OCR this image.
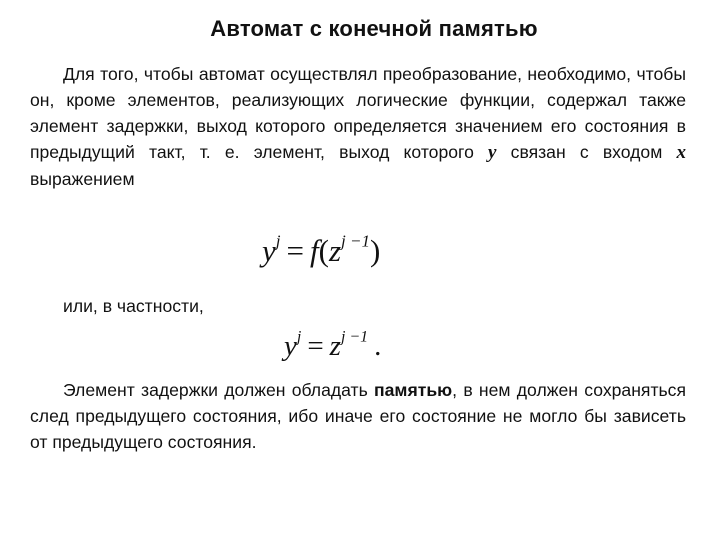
Автомат с конечной памятью

Для того, чтобы автомат осуществлял преобразование, необходимо, чтобы он, кроме элементов, реализующих логические функции, содержал также элемент задержки, выход которого определяется значением его состояния в предыдущий такт, т. е. элемент, выход которого y связан с входом x выражением

$y^j = f(z^{j -1})$

или, в частности,

$y^j = z^{j -1}$ .

Элемент задержки должен обладать памятью, в нем должен сохраняться след предыдущего состояния, ибо иначе его состояние не могло бы зависеть от предыдущего состояния.
